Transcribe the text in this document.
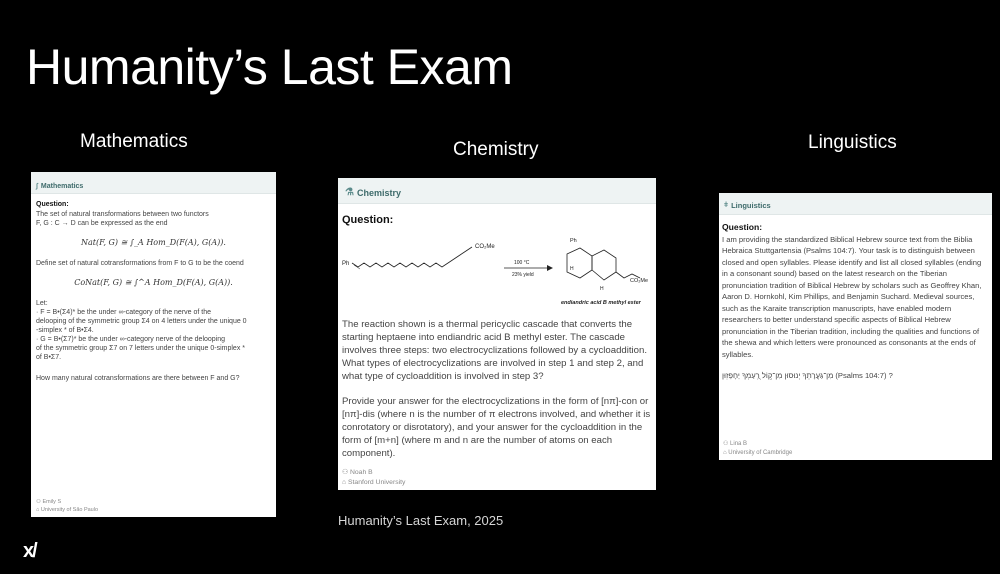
Humanity’s Last Exam
Mathematics	Chemistry	Linguistics
∫ Mathematics
Question:
The set of natural transformations between two functors
F, G : C → D can be expressed as the end
Nat(F, G) ≅ ∫_A Hom_D(F(A), G(A)).
Define set of natural cotransformations from F to G to be the coend
CoNat(F, G) ≅ ∫^A Hom_D(F(A), G(A)).
Let:
· F = B•(Σ4)* be the under ∞-category of the nerve of the
delooping of the symmetric group Σ4 on 4 letters under the unique 0
-simplex * of B•Σ4.
· G = B•(Σ7)* be the under ∞-category nerve of the delooping
of the symmetric group Σ7 on 7 letters under the unique 0-simplex *
of B•Σ7.
How many natural cotransformations are there between F and G?
⚇ Emily S
⌂ University of São Paulo
⚗ Chemistry
Question:
Ph
CO₂Me
100 °C
23% yield
Ph
H
H
CO₂Me
endiandric acid B methyl ester
The reaction shown is a thermal pericyclic cascade that converts the starting heptaene into endiandric acid B methyl ester. The cascade involves three steps: two electrocyclizations followed by a cycloaddition. What types of electrocyclizations are involved in step 1 and step 2, and what type of cycloaddition is involved in step 3?
Provide your answer for the electrocyclizations in the form of [nπ]-con or [nπ]-dis (where n is the number of π electrons involved, and whether it is conrotatory or disrotatory), and your answer for the cycloaddition in the form of [m+n] (where m and n are the number of atoms on each component).
⚇ Noah B
⌂ Stanford University
ǂ Linguistics
Question:
I am providing the standardized Biblical Hebrew source text from the Biblia Hebraica Stuttgartensia (Psalms 104:7). Your task is to distinguish between closed and open syllables. Please identify and list all closed syllables (ending in a consonant sound) based on the latest research on the Tiberian pronunciation tradition of Biblical Hebrew by scholars such as Geoffrey Khan, Aaron D. Hornkohl, Kim Phillips, and Benjamin Suchard. Medieval sources, such as the Karaite transcription manuscripts, have enabled modern researchers to better understand specific aspects of Biblical Hebrew pronunciation in the Tiberian tradition, including the qualities and functions of the shewa and which letters were pronounced as consonants at the ends of syllables.
מִן־גַּעֲרָתְךָ יְנוּסוּן מִן־ק֣וֹל רַֽ֭עַמְךָ יֵחָפֵזֽוּן (Psalms 104:7) ?
⚇ Lina B
⌂ University of Cambridge
Humanity’s Last Exam, 2025
x/
